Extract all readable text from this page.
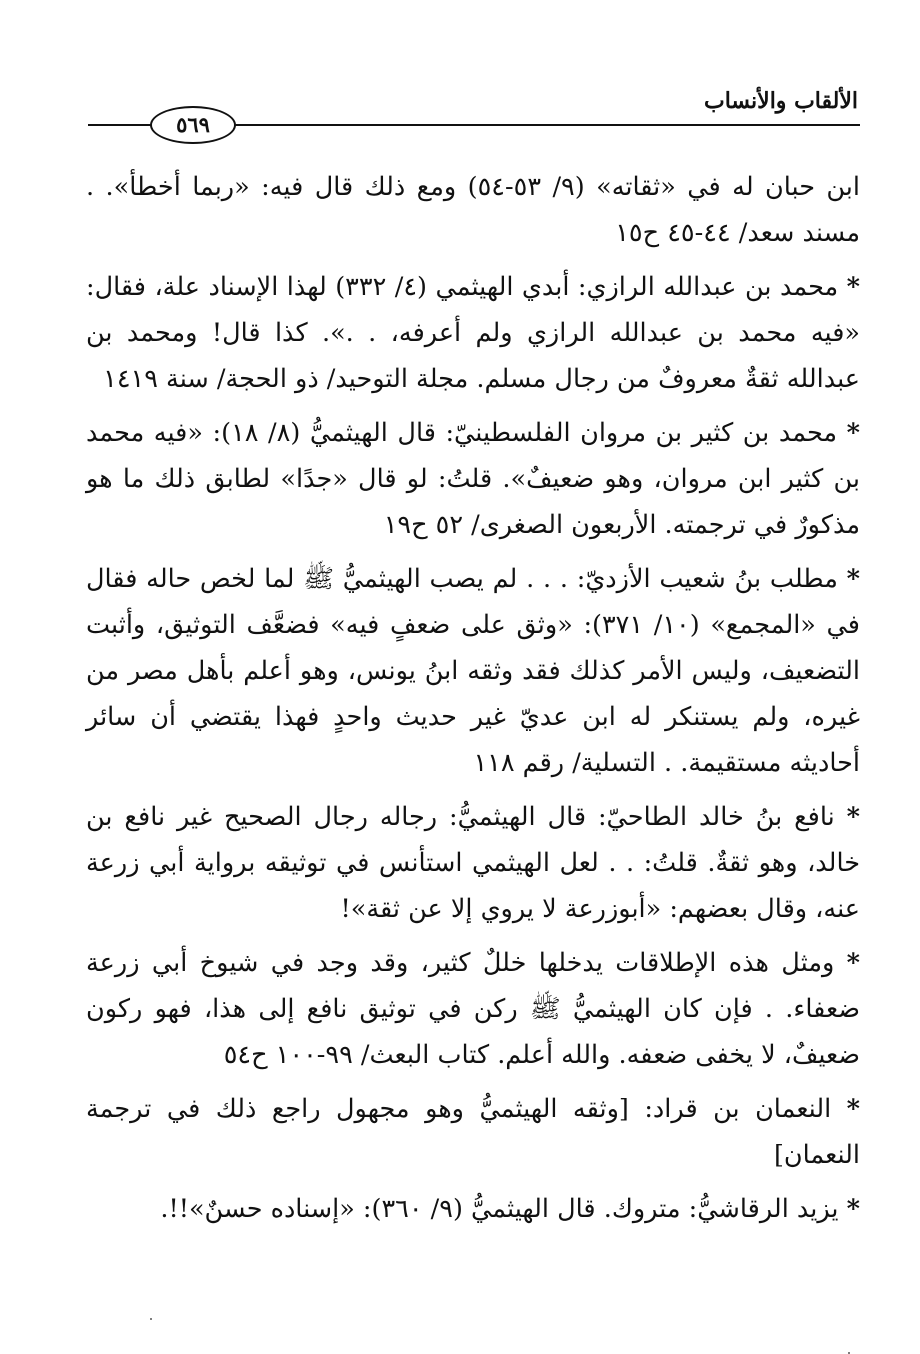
الألقاب والأنساب
٥٦٩

ابن حبان له في «ثقاته» (٩/ ٥٣-٥٤) ومع ذلك قال فيه: «ربما أخطأ». . مسند سعد/ ٤٤-٤٥ ح١٥

* محمد بن عبدالله الرازي: أبدي الهيثمي (٤/ ٣٣٢) لهذا الإسناد علة، فقال: «فيه محمد بن عبدالله الرازي ولم أعرفه، . .». كذا قال! ومحمد بن عبدالله ثقةٌ معروفٌ من رجال مسلم. مجلة التوحيد/ ذو الحجة/ سنة ١٤١٩

* محمد بن كثير بن مروان الفلسطينيّ: قال الهيثميُّ (٨/ ١٨): «فيه محمد بن كثير ابن مروان، وهو ضعيفٌ». قلتُ: لو قال «جدًا» لطابق ذلك ما هو مذكورٌ في ترجمته. الأربعون الصغرى/ ٥٢ ح١٩

* مطلب بنُ شعيب الأزديّ: . . . لم يصب الهيثميُّ ﷺ لما لخص حاله فقال في «المجمع» (١٠/ ٣٧١): «وثق على ضعفٍ فيه» فضعَّف التوثيق، وأثبت التضعيف، وليس الأمر كذلك فقد وثقه ابنُ يونس، وهو أعلم بأهل مصر من غيره، ولم يستنكر له ابن عديّ غير حديث واحدٍ فهذا يقتضي أن سائر أحاديثه مستقيمة. . التسلية/ رقم ١١٨

* نافع بنُ خالد الطاحيّ: قال الهيثميُّ: رجاله رجال الصحيح غير نافع بن خالد، وهو ثقةٌ. قلتُ: . . لعل الهيثمي استأنس في توثيقه برواية أبي زرعة عنه، وقال بعضهم: «أبوزرعة لا يروي إلا عن ثقة»!

* ومثل هذه الإطلاقات يدخلها خللٌ كثير، وقد وجد في شيوخ أبي زرعة ضعفاء. . فإن كان الهيثميُّ ﷺ ركن في توثيق نافع إلى هذا، فهو ركون ضعيفٌ، لا يخفى ضعفه. والله أعلم. كتاب البعث/ ٩٩-١٠٠ ح٥٤

* النعمان بن قراد: [وثقه الهيثميُّ وهو مجهول راجع ذلك في ترجمة النعمان]

* يزيد الرقاشيُّ: متروك. قال الهيثميُّ (٩/ ٣٦٠): «إسناده حسنٌ»!!.
